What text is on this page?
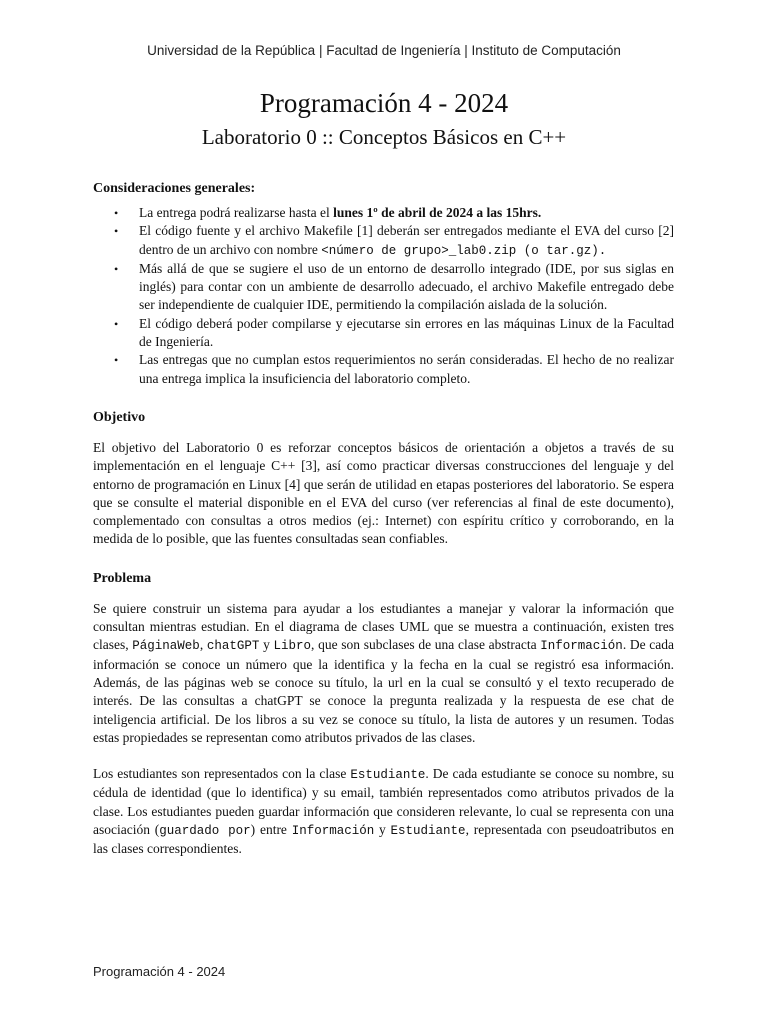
Universidad de la República | Facultad de Ingeniería | Instituto de Computación
Programación 4 - 2024
Laboratorio 0 :: Conceptos Básicos en C++
Consideraciones generales:
• La entrega podrá realizarse hasta el lunes 1º de abril de 2024 a las 15hrs.
• El código fuente y el archivo Makefile [1] deberán ser entregados mediante el EVA del curso [2] dentro de un archivo con nombre <número de grupo>_lab0.zip (o tar.gz).
• Más allá de que se sugiere el uso de un entorno de desarrollo integrado (IDE, por sus siglas en inglés) para contar con un ambiente de desarrollo adecuado, el archivo Makefile entregado debe ser independiente de cualquier IDE, permitiendo la compilación aislada de la solución.
• El código deberá poder compilarse y ejecutarse sin errores en las máquinas Linux de la Facultad de Ingeniería.
• Las entregas que no cumplan estos requerimientos no serán consideradas. El hecho de no realizar una entrega implica la insuficiencia del laboratorio completo.
Objetivo

El objetivo del Laboratorio 0 es reforzar conceptos básicos de orientación a objetos a través de su implementación en el lenguaje C++ [3], así como practicar diversas construcciones del lenguaje y del entorno de programación en Linux [4] que serán de utilidad en etapas posteriores del laboratorio. Se espera que se consulte el material disponible en el EVA del curso (ver referencias al final de este documento), complementado con consultas a otros medios (ej.: Internet) con espíritu crítico y corroborando, en la medida de lo posible, que las fuentes consultadas sean confiables.

Problema

Se quiere construir un sistema para ayudar a los estudiantes a manejar y valorar la información que consultan mientras estudian. En el diagrama de clases UML que se muestra a continuación, existen tres clases, PáginaWeb, chatGPT y Libro, que son subclases de una clase abstracta Información. De cada información se conoce un número que la identifica y la fecha en la cual se registró esa información. Además, de las páginas web se conoce su título, la url en la cual se consultó y el texto recuperado de interés. De las consultas a chatGPT se conoce la pregunta realizada y la respuesta de ese chat de inteligencia artificial. De los libros a su vez se conoce su título, la lista de autores y un resumen. Todas estas propiedades se representan como atributos privados de las clases.

Los estudiantes son representados con la clase Estudiante. De cada estudiante se conoce su nombre, su cédula de identidad (que lo identifica) y su email, también representados como atributos privados de la clase. Los estudiantes pueden guardar información que consideren relevante, lo cual se representa con una asociación (guardado por) entre Información y Estudiante, representada con pseudoatributos en las clases correspondientes.

Programación 4 - 2024
